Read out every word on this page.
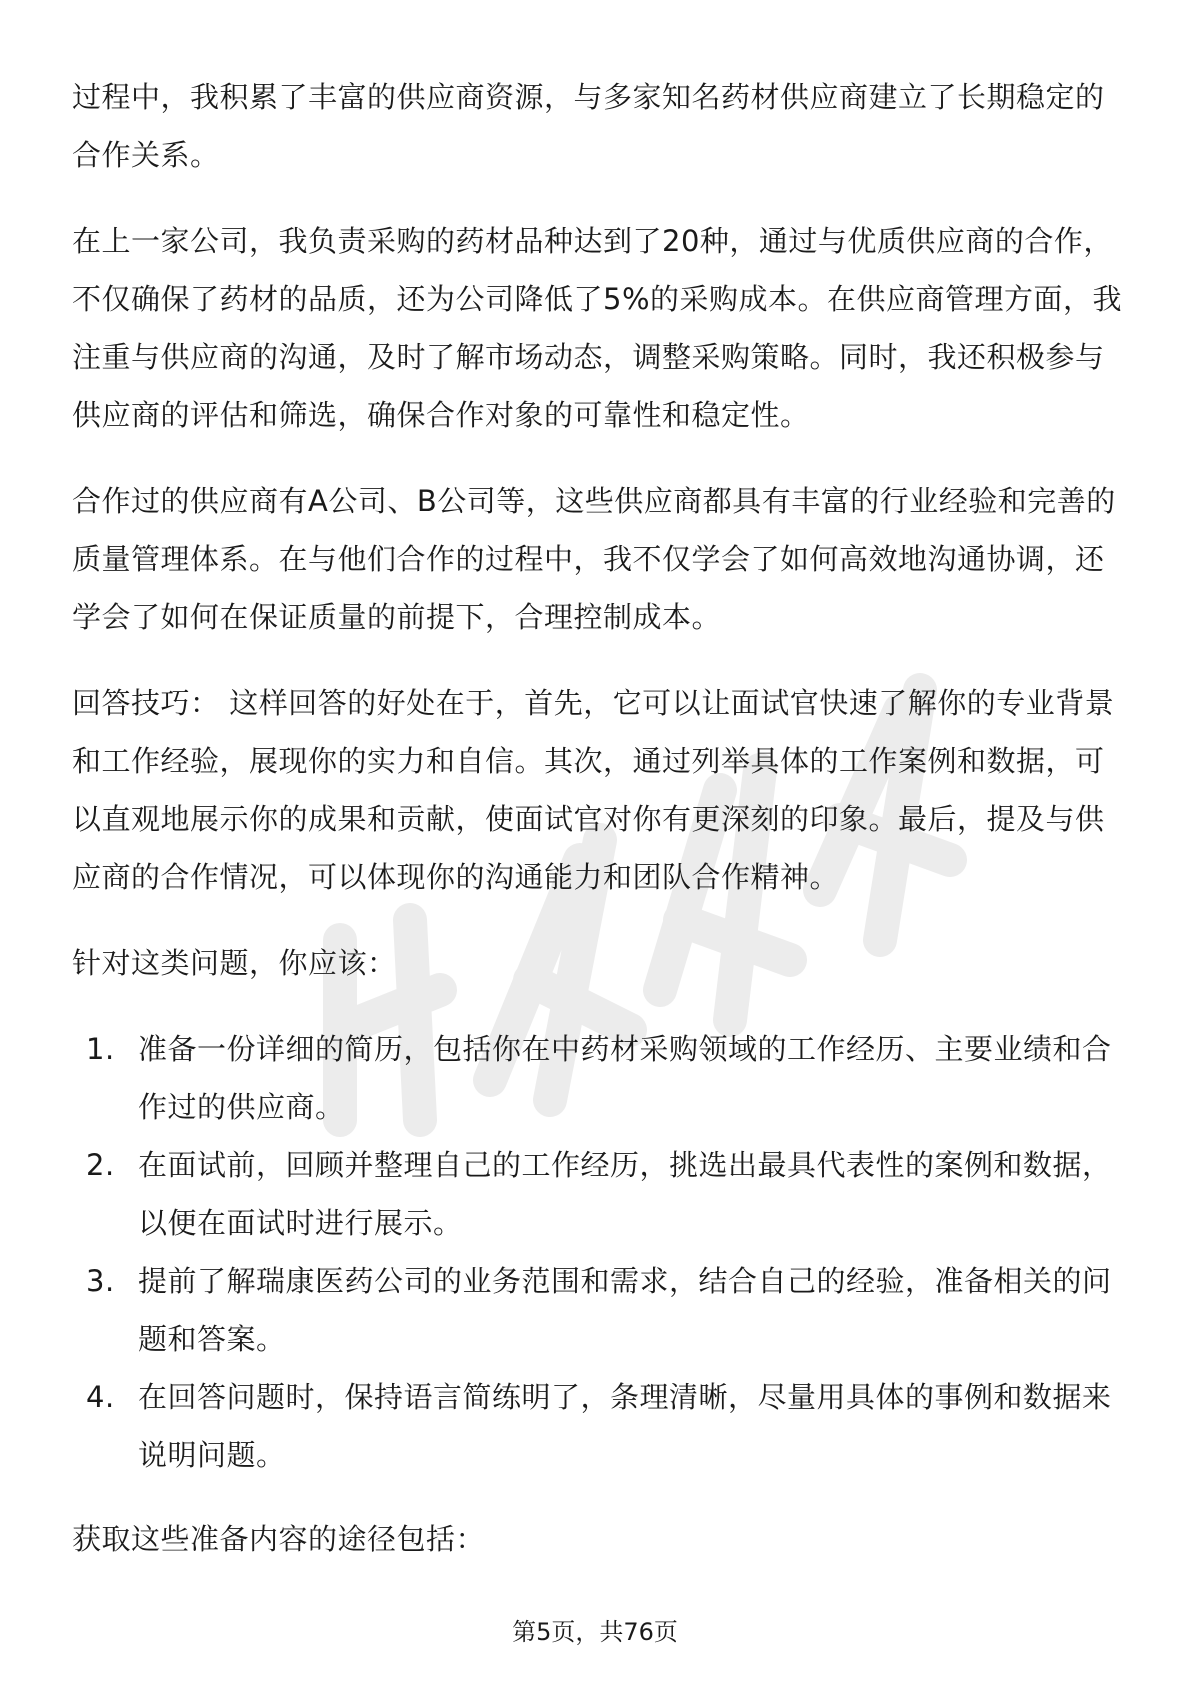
过程中，我积累了丰富的供应商资源，与多家知名药材供应商建立了长期稳定的合作关系。

在上一家公司，我负责采购的药材品种达到了20种，通过与优质供应商的合作，不仅确保了药材的品质，还为公司降低了5%的采购成本。在供应商管理方面，我注重与供应商的沟通，及时了解市场动态，调整采购策略。同时，我还积极参与供应商的评估和筛选，确保合作对象的可靠性和稳定性。

合作过的供应商有A公司、B公司等，这些供应商都具有丰富的行业经验和完善的质量管理体系。在与他们合作的过程中，我不仅学会了如何高效地沟通协调，还学会了如何在保证质量的前提下，合理控制成本。

回答技巧： 这样回答的好处在于，首先，它可以让面试官快速了解你的专业背景和工作经验，展现你的实力和自信。其次，通过列举具体的工作案例和数据，可以直观地展示你的成果和贡献，使面试官对你有更深刻的印象。最后，提及与供应商的合作情况，可以体现你的沟通能力和团队合作精神。

针对这类问题，你应该：

1. 准备一份详细的简历，包括你在中药材采购领域的工作经历、主要业绩和合作过的供应商。
2. 在面试前，回顾并整理自己的工作经历，挑选出最具代表性的案例和数据，以便在面试时进行展示。
3. 提前了解瑞康医药公司的业务范围和需求，结合自己的经验，准备相关的问题和答案。
4. 在回答问题时，保持语言简练明了，条理清晰，尽量用具体的事例和数据来说明问题。

获取这些准备内容的途径包括：

第5页，共76页
